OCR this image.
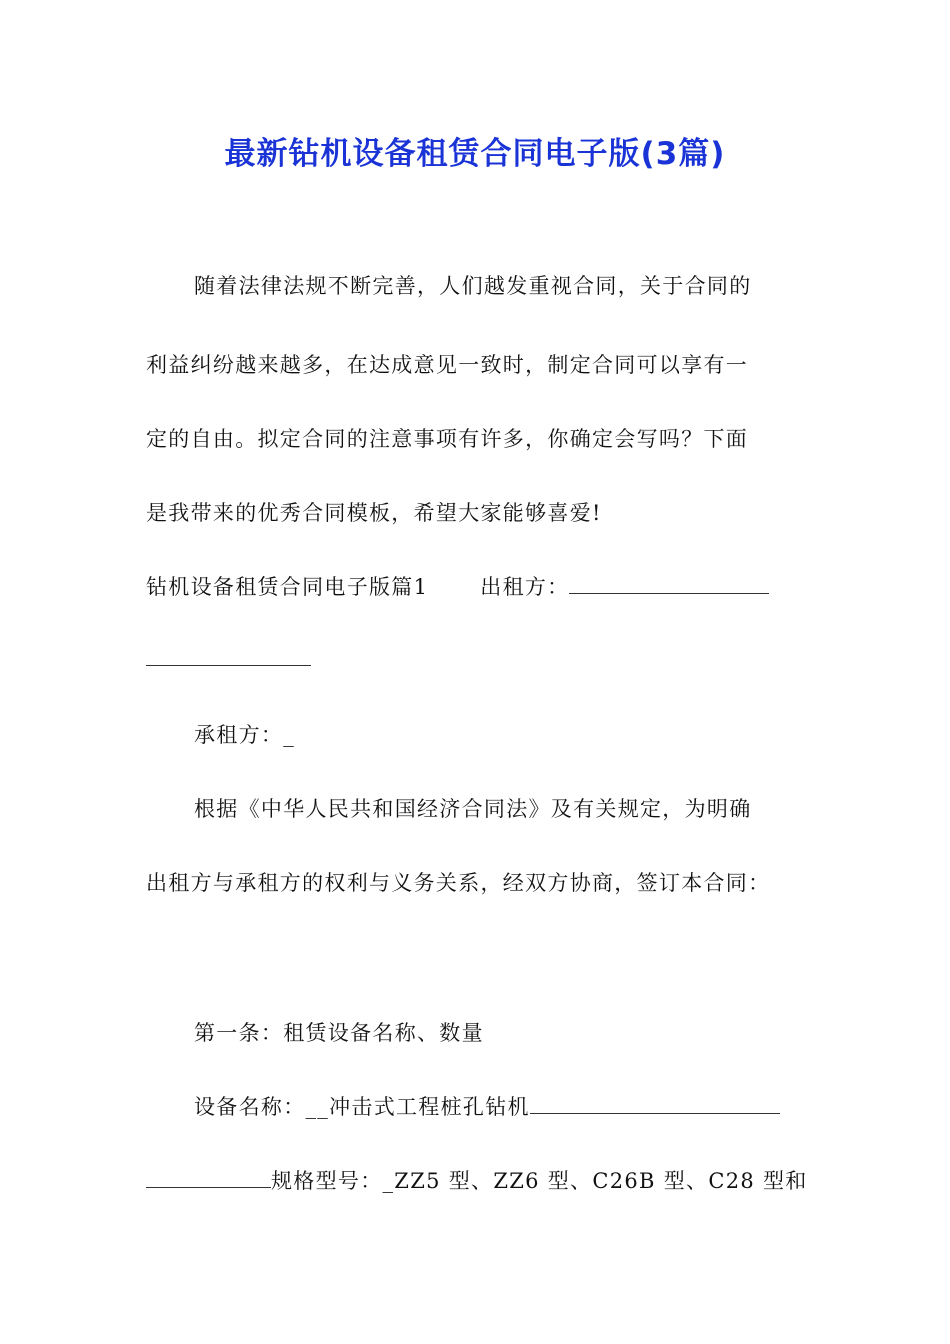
最新钻机设备租赁合同电子版(3篇)

随着法律法规不断完善，人们越发重视合同，关于合同的

利益纠纷越来越多，在达成意见一致时，制定合同可以享有一

定的自由。拟定合同的注意事项有许多，你确定会写吗？下面

是我带来的优秀合同模板，希望大家能够喜爱!

钻机设备租赁合同电子版篇1 出租方：

承租方：_

根据《中华人民共和国经济合同法》及有关规定，为明确

出租方与承租方的权利与义务关系，经双方协商，签订本合同：

第一条：租赁设备名称、数量

设备名称：__冲击式工程桩孔钻机

规格型号：_ZZ5 型、ZZ6 型、C26B 型、C28 型和
